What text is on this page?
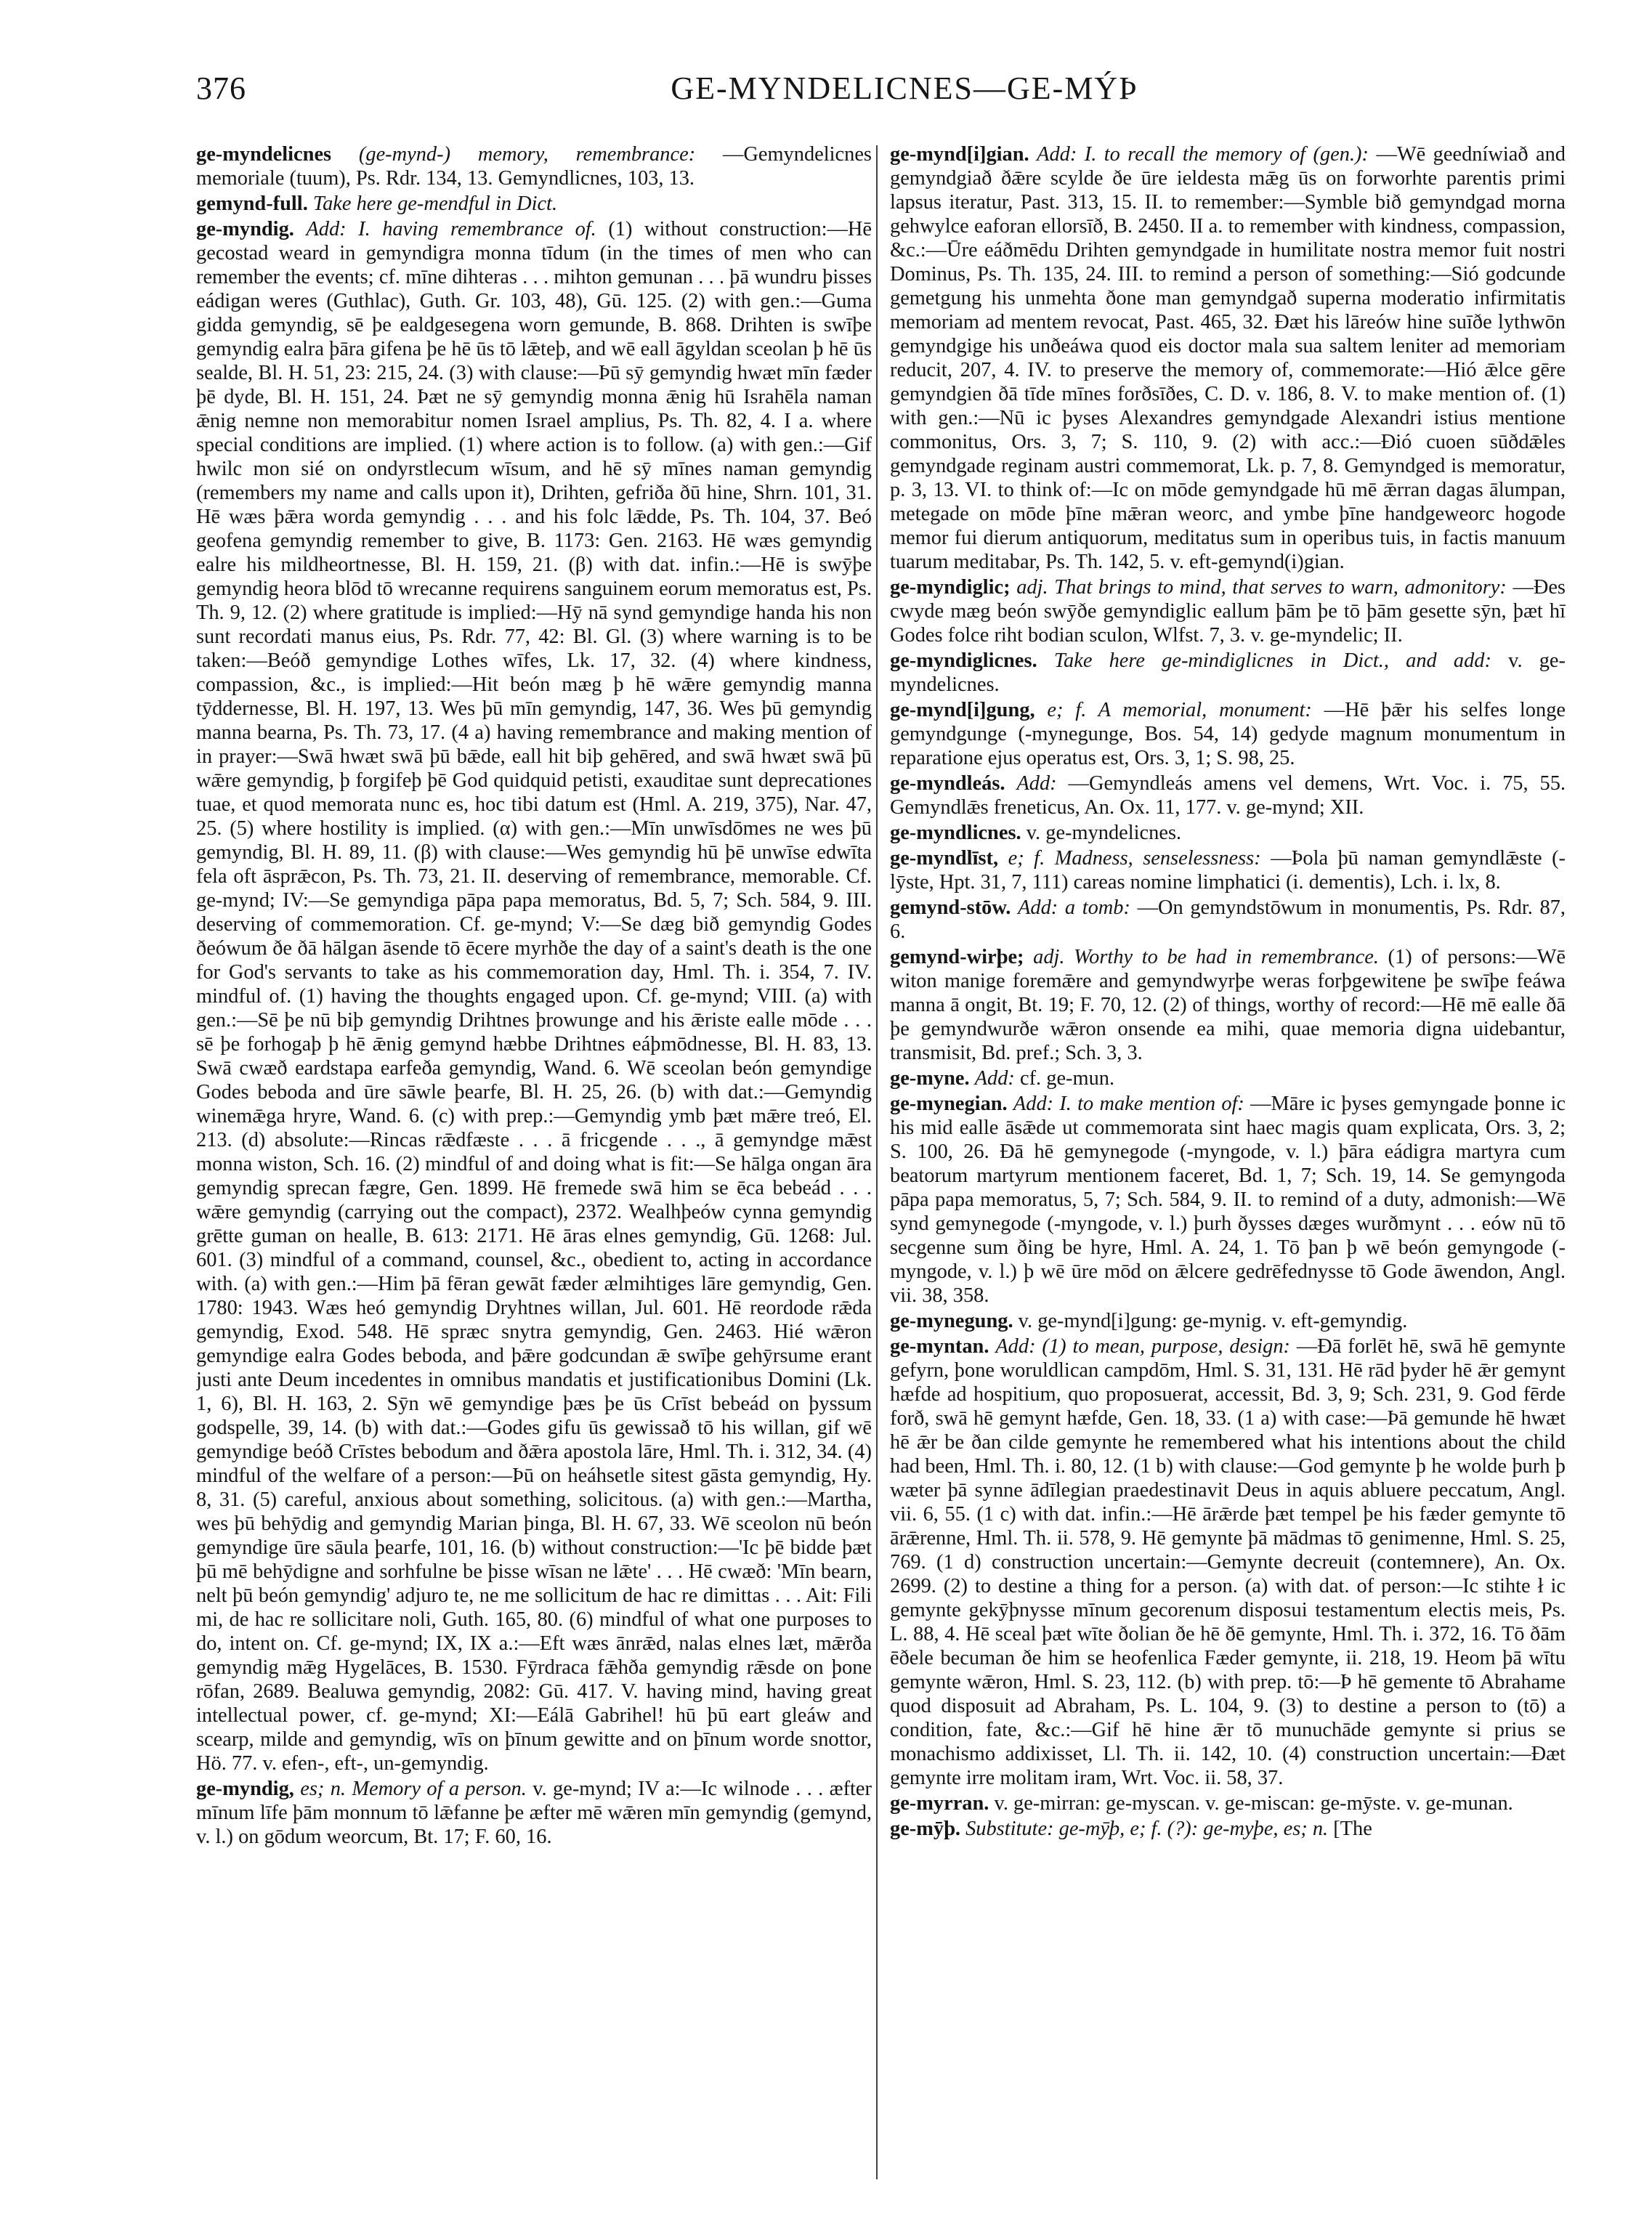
376	GE-MYNDELICNES—GE-MÝÞ

ge-myndelicnes (ge-mynd-) memory, remembrance: —Gemyndelicnes memoriale (tuum), Ps. Rdr. 134, 13. Gemyndlicnes, 103, 13.

gemynd-full. Take here ge-mendful in Dict.

ge-myndig. Add: I. having remembrance of. (1) without construction:—Hē gecostad weard in gemyndigra monna tīdum (in the times of men who can remember the events; cf. mīne dihteras . . . mihton gemunan . . . þā wundru þisses eádigan weres (Guthlac), Guth. Gr. 103, 48), Gū. 125. (2) with gen.:—Guma gidda gemyndig, sē þe ealdgesegena worn gemunde, B. 868. Drihten is swīþe gemyndig ealra þāra gifena þe hē ūs tō lǣteþ, and wē eall āgyldan sceolan þ hē ūs sealde, Bl. H. 51, 23: 215, 24. (3) with clause:—Þū sȳ gemyndig hwæt mīn fæder þē dyde, Bl. H. 151, 24. Þæt ne sȳ gemyndig monna ǣnig hū Israhēla naman ǣnig nemne non memorabitur nomen Israel amplius, Ps. Th. 82, 4. I a. where special conditions are implied. (1) where action is to follow. (a) with gen.:—Gif hwilc mon sié on ondyrstlecum wīsum, and hē sȳ mīnes naman gemyndig (remembers my name and calls upon it), Drihten, gefriða ðū hine, Shrn. 101, 31. Hē wæs þǣra worda gemyndig . . . and his folc lǣdde, Ps. Th. 104, 37. Beó geofena gemyndig remember to give, B. 1173: Gen. 2163. Hē wæs gemyndig ealre his mildheortnesse, Bl. H. 159, 21. (β) with dat. infin.:—Hē is swȳþe gemyndig heora blōd tō wrecanne requirens sanguinem eorum memoratus est, Ps. Th. 9, 12. (2) where gratitude is implied:—Hȳ nā synd gemyndige handa his non sunt recordati manus eius, Ps. Rdr. 77, 42: Bl. Gl. (3) where warning is to be taken:—Beóð gemyndige Lothes wīfes, Lk. 17, 32. (4) where kindness, compassion, &c., is implied:—Hit beón mæg þ hē wǣre gemyndig manna tȳddernesse, Bl. H. 197, 13. Wes þū mīn gemyndig, 147, 36. Wes þū gemyndig manna bearna, Ps. Th. 73, 17. (4 a) having remembrance and making mention of in prayer:—Swā hwæt swā þū bǣde, eall hit biþ gehēred, and swā hwæt swā þū wǣre gemyndig, þ forgifeþ þē God quidquid petisti, exauditae sunt deprecationes tuae, et quod memorata nunc es, hoc tibi datum est (Hml. A. 219, 375), Nar. 47, 25. (5) where hostility is implied. (α) with gen.:—Mīn unwīsdōmes ne wes þū gemyndig, Bl. H. 89, 11. (β) with clause:—Wes gemyndig hū þē unwīse edwīta fela oft āsprǣcon, Ps. Th. 73, 21. II. deserving of remembrance, memorable. Cf. ge-mynd; IV:—Se gemyndiga pāpa papa memoratus, Bd. 5, 7; Sch. 584, 9. III. deserving of commemoration. Cf. ge-mynd; V:—Se dæg bið gemyndig Godes ðeówum ðe ðā hālgan āsende tō ēcere myrhðe the day of a saint's death is the one for God's servants to take as his commemoration day, Hml. Th. i. 354, 7. IV. mindful of. (1) having the thoughts engaged upon. Cf. ge-mynd; VIII. (a) with gen.:—Sē þe nū biþ gemyndig Drihtnes þrowunge and his ǣriste ealle mōde . . . sē þe forhogaþ þ hē ǣnig gemynd hæbbe Drihtnes eáþmōdnesse, Bl. H. 83, 13. Swā cwæð eardstapa earfeða gemyndig, Wand. 6. Wē sceolan beón gemyndige Godes beboda and ūre sāwle þearfe, Bl. H. 25, 26. (b) with dat.:—Gemyndig winemǣga hryre, Wand. 6. (c) with prep.:—Gemyndig ymb þæt mǣre treó, El. 213. (d) absolute:—Rincas rǣdfæste . . . ā fricgende . . ., ā gemyndge mǣst monna wiston, Sch. 16. (2) mindful of and doing what is fit:—Se hālga ongan āra gemyndig sprecan fægre, Gen. 1899. Hē fremede swā him se ēca bebeád . . . wǣre gemyndig (carrying out the compact), 2372. Wealhþeów cynna gemyndig grētte guman on healle, B. 613: 2171. Hē āras elnes gemyndig, Gū. 1268: Jul. 601. (3) mindful of a command, counsel, &c., obedient to, acting in accordance with. (a) with gen.:—Him þā fēran gewāt fæder ælmihtiges lāre gemyndig, Gen. 1780: 1943. Wæs heó gemyndig Dryhtnes willan, Jul. 601. Hē reordode rǣda gemyndig, Exod. 548. Hē spræc snytra gemyndig, Gen. 2463. Hié wǣron gemyndige ealra Godes beboda, and þǣre godcundan ǣ swīþe gehȳrsume erant justi ante Deum incedentes in omnibus mandatis et justificationibus Domini (Lk. 1, 6), Bl. H. 163, 2. Sȳn wē gemyndige þæs þe ūs Crīst bebeád on þyssum godspelle, 39, 14. (b) with dat.:—Godes gifu ūs gewissað tō his willan, gif wē gemyndige beóð Crīstes bebodum and ðǣra apostola lāre, Hml. Th. i. 312, 34. (4) mindful of the welfare of a person:—Þū on heáhsetle sitest gāsta gemyndig, Hy. 8, 31. (5) careful, anxious about something, solicitous. (a) with gen.:—Martha, wes þū behȳdig and gemyndig Marian þinga, Bl. H. 67, 33. Wē sceolon nū beón gemyndige ūre sāula þearfe, 101, 16. (b) without construction:—'Ic þē bidde þæt þū mē behȳdigne and sorhfulne be þisse wīsan ne lǣte' . . . Hē cwæð: 'Mīn bearn, nelt þū beón gemyndig' adjuro te, ne me sollicitum de hac re dimittas . . . Ait: Fili mi, de hac re sollicitare noli, Guth. 165, 80. (6) mindful of what one purposes to do, intent on. Cf. ge-mynd; IX, IX a.:—Eft wæs ānrǣd, nalas elnes læt, mǣrða gemyndig mǣg Hygelāces, B. 1530. Fȳrdraca fǣhða gemyndig rǣsde on þone rōfan, 2689. Bealuwa gemyndig, 2082: Gū. 417. V. having mind, having great intellectual power, cf. ge-mynd; XI:—Eálā Gabrihel! hū þū eart gleáw and scearp, milde and gemyndig, wīs on þīnum gewitte and on þīnum worde snottor, Hö. 77. v. efen-, eft-, un-gemyndig.

ge-myndig, es; n. Memory of a person. v. ge-mynd; IV a:—Ic wilnode . . . æfter mīnum līfe þām monnum tō lǣfanne þe æfter mē wǣren mīn gemyndig (gemynd, v. l.) on gōdum weorcum, Bt. 17; F. 60, 16.

ge-mynd[i]gian. Add: I. to recall the memory of (gen.): —Wē geedníwiað and gemyndgiað ðǣre scylde ðe ūre ieldesta mǣg ūs on forworhte parentis primi lapsus iteratur, Past. 313, 15. II. to remember:—Symble bið gemyndgad morna gehwylce eaforan ellorsīð, B. 2450. II a. to remember with kindness, compassion, &c.:—Ūre eáðmēdu Drihten gemyndgade in humilitate nostra memor fuit nostri Dominus, Ps. Th. 135, 24. III. to remind a person of something:—Sió godcunde gemetgung his unmehta ðone man gemyndgað superna moderatio infirmitatis memoriam ad mentem revocat, Past. 465, 32. Ðæt his lāreów hine suīðe lythwōn gemyndgige his unðeáwa quod eis doctor mala sua saltem leniter ad memoriam reducit, 207, 4. IV. to preserve the memory of, commemorate:—Hió ǣlce gēre gemyndgien ðā tīde mīnes forðsīðes, C. D. v. 186, 8. V. to make mention of. (1) with gen.:—Nū ic þyses Alexandres gemyndgade Alexandri istius mentione commonitus, Ors. 3, 7; S. 110, 9. (2) with acc.:—Ðió cuoen sūðdǣles gemyndgade reginam austri commemorat, Lk. p. 7, 8. Gemyndged is memoratur, p. 3, 13. VI. to think of:—Ic on mōde gemyndgade hū mē ǣrran dagas ālumpan, metegade on mōde þīne mǣran weorc, and ymbe þīne handgeweorc hogode memor fui dierum antiquorum, meditatus sum in operibus tuis, in factis manuum tuarum meditabar, Ps. Th. 142, 5. v. eft-gemynd(i)gian.

ge-myndiglic; adj. That brings to mind, that serves to warn, admonitory: —Ðes cwyde mæg beón swȳðe gemyndiglic eallum þām þe tō þām gesette sȳn, þæt hī Godes folce riht bodian sculon, Wlfst. 7, 3. v. ge-myndelic; II.

ge-myndiglicnes. Take here ge-mindiglicnes in Dict., and add: v. ge-myndelicnes.

ge-mynd[i]gung, e; f. A memorial, monument: —Hē þǣr his selfes longe gemyndgunge (-mynegunge, Bos. 54, 14) gedyde magnum monumentum in reparatione ejus operatus est, Ors. 3, 1; S. 98, 25.

ge-myndleás. Add: —Gemyndleás amens vel demens, Wrt. Voc. i. 75, 55. Gemyndlǣs freneticus, An. Ox. 11, 177. v. ge-mynd; XII.

ge-myndlicnes. v. ge-myndelicnes.

ge-myndlīst, e; f. Madness, senselessness: —Þola þū naman gemyndlǣste (-lȳste, Hpt. 31, 7, 111) careas nomine limphatici (i. dementis), Lch. i. lx, 8.

gemynd-stōw. Add: a tomb: —On gemyndstōwum in monumentis, Ps. Rdr. 87, 6.

gemynd-wirþe; adj. Worthy to be had in remembrance. (1) of persons:—Wē witon manige foremǣre and gemyndwyrþe weras forþgewitene þe swīþe feáwa manna ā ongit, Bt. 19; F. 70, 12. (2) of things, worthy of record:—Hē mē ealle ðā þe gemyndwurðe wǣron onsende ea mihi, quae memoria digna uidebantur, transmisit, Bd. pref.; Sch. 3, 3.

ge-myne. Add: cf. ge-mun.

ge-mynegian. Add: I. to make mention of: —Māre ic þyses gemyngade þonne ic his mid ealle āsǣde ut commemorata sint haec magis quam explicata, Ors. 3, 2; S. 100, 26. Ðā hē gemynegode (-myngode, v. l.) þāra eádigra martyra cum beatorum martyrum mentionem faceret, Bd. 1, 7; Sch. 19, 14. Se gemyngoda pāpa papa memoratus, 5, 7; Sch. 584, 9. II. to remind of a duty, admonish:—Wē synd gemynegode (-myngode, v. l.) þurh ðysses dæges wurðmynt . . . eów nū tō secgenne sum ðing be hyre, Hml. A. 24, 1. Tō þan þ wē beón gemyngode (-myngode, v. l.) þ wē ūre mōd on ǣlcere gedrēfednysse tō Gode āwendon, Angl. vii. 38, 358.

ge-mynegung. v. ge-mynd[i]gung: ge-mynig. v. eft-gemyndig.

ge-myntan. Add: (1) to mean, purpose, design: —Ðā forlēt hē, swā hē gemynte gefyrn, þone woruldlican campdōm, Hml. S. 31, 131. Hē rād þyder hē ǣr gemynt hæfde ad hospitium, quo proposuerat, accessit, Bd. 3, 9; Sch. 231, 9. God fērde forð, swā hē gemynt hæfde, Gen. 18, 33. (1 a) with case:—Þā gemunde hē hwæt hē ǣr be ðan cilde gemynte he remembered what his intentions about the child had been, Hml. Th. i. 80, 12. (1 b) with clause:—God gemynte þ he wolde þurh þ wæter þā synne ādīlegian praedestinavit Deus in aquis abluere peccatum, Angl. vii. 6, 55. (1 c) with dat. infin.:—Hē ārǣrde þæt tempel þe his fæder gemynte tō ārǣrenne, Hml. Th. ii. 578, 9. Hē gemynte þā mādmas tō genimenne, Hml. S. 25, 769. (1 d) construction uncertain:—Gemynte decreuit (contemnere), An. Ox. 2699. (2) to destine a thing for a person. (a) with dat. of person:—Ic stihte ł ic gemynte gekȳþnysse mīnum gecorenum disposui testamentum electis meis, Ps. L. 88, 4. Hē sceal þæt wīte ðolian ðe hē ðē gemynte, Hml. Th. i. 372, 16. Tō ðām ēðele becuman ðe him se heofenlica Fæder gemynte, ii. 218, 19. Heom þā wītu gemynte wǣron, Hml. S. 23, 112. (b) with prep. tō:—Þ hē gemente tō Abrahame quod disposuit ad Abraham, Ps. L. 104, 9. (3) to destine a person to (tō) a condition, fate, &c.:—Gif hē hine ǣr tō munuchāde gemynte si prius se monachismo addixisset, Ll. Th. ii. 142, 10. (4) construction uncertain:—Ðæt gemynte irre molitam iram, Wrt. Voc. ii. 58, 37.

ge-myrran. v. ge-mirran: ge-myscan. v. ge-miscan: ge-mȳste. v. ge-munan.

ge-mȳþ. Substitute: ge-mȳþ, e; f. (?): ge-myþe, es; n. [The
